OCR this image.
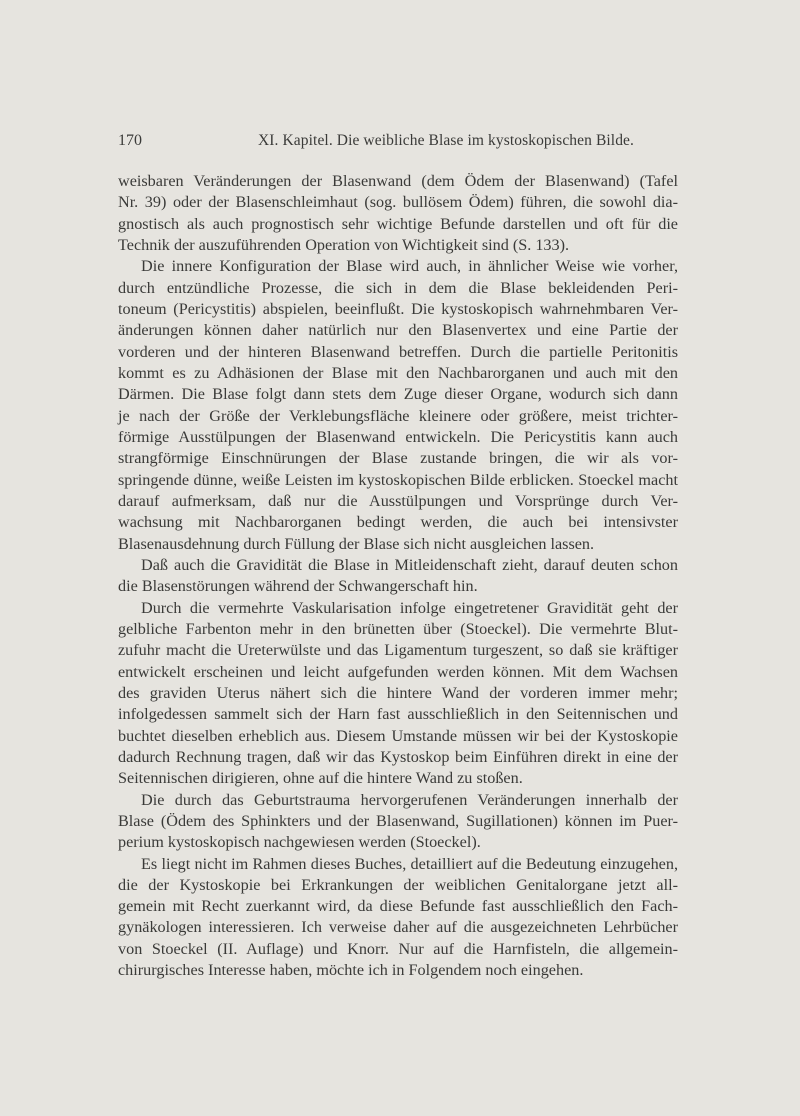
170	XI. Kapitel. Die weibliche Blase im kystoskopischen Bilde.
weisbaren Veränderungen der Blasenwand (dem Ödem der Blasenwand) (Tafel
Nr. 39) oder der Blasenschleimhaut (sog. bullösem Ödem) führen, die sowohl dia-
gnostisch als auch prognostisch sehr wichtige Befunde darstellen und oft für die
Technik der auszuführenden Operation von Wichtigkeit sind (S. 133).
Die innere Konfiguration der Blase wird auch, in ähnlicher Weise wie vorher,
durch entzündliche Prozesse, die sich in dem die Blase bekleidenden Peri-
toneum (Pericystitis) abspielen, beeinflußt. Die kystoskopisch wahrnehmbaren Ver-
änderungen können daher natürlich nur den Blasenvertex und eine Partie der
vorderen und der hinteren Blasenwand betreffen. Durch die partielle Peritonitis
kommt es zu Adhäsionen der Blase mit den Nachbarorganen und auch mit den
Därmen. Die Blase folgt dann stets dem Zuge dieser Organe, wodurch sich dann
je nach der Größe der Verklebungsfläche kleinere oder größere, meist trichter-
förmige Ausstülpungen der Blasenwand entwickeln. Die Pericystitis kann auch
strangförmige Einschnürungen der Blase zustande bringen, die wir als vor-
springende dünne, weiße Leisten im kystoskopischen Bilde erblicken. Stoeckel macht
darauf aufmerksam, daß nur die Ausstülpungen und Vorsprünge durch Ver-
wachsung mit Nachbarorganen bedingt werden, die auch bei intensivster
Blasenausdehnung durch Füllung der Blase sich nicht ausgleichen lassen.
Daß auch die Gravidität die Blase in Mitleidenschaft zieht, darauf deuten schon
die Blasenstörungen während der Schwangerschaft hin.
Durch die vermehrte Vaskularisation infolge eingetretener Gravidität geht der
gelbliche Farbenton mehr in den brünetten über (Stoeckel). Die vermehrte Blut-
zufuhr macht die Ureterwülste und das Ligamentum turgeszent, so daß sie kräftiger
entwickelt erscheinen und leicht aufgefunden werden können. Mit dem Wachsen
des graviden Uterus nähert sich die hintere Wand der vorderen immer mehr;
infolgedessen sammelt sich der Harn fast ausschließlich in den Seitennischen und
buchtet dieselben erheblich aus. Diesem Umstande müssen wir bei der Kystoskopie
dadurch Rechnung tragen, daß wir das Kystoskop beim Einführen direkt in eine der
Seitennischen dirigieren, ohne auf die hintere Wand zu stoßen.
Die durch das Geburtstrauma hervorgerufenen Veränderungen innerhalb der
Blase (Ödem des Sphinkters und der Blasenwand, Sugillationen) können im Puer-
perium kystoskopisch nachgewiesen werden (Stoeckel).
Es liegt nicht im Rahmen dieses Buches, detailliert auf die Bedeutung einzugehen,
die der Kystoskopie bei Erkrankungen der weiblichen Genitalorgane jetzt all-
gemein mit Recht zuerkannt wird, da diese Befunde fast ausschließlich den Fach-
gynäkologen interessieren. Ich verweise daher auf die ausgezeichneten Lehrbücher
von Stoeckel (II. Auflage) und Knorr. Nur auf die Harnfisteln, die allgemein-
chirurgisches Interesse haben, möchte ich in Folgendem noch eingehen.
